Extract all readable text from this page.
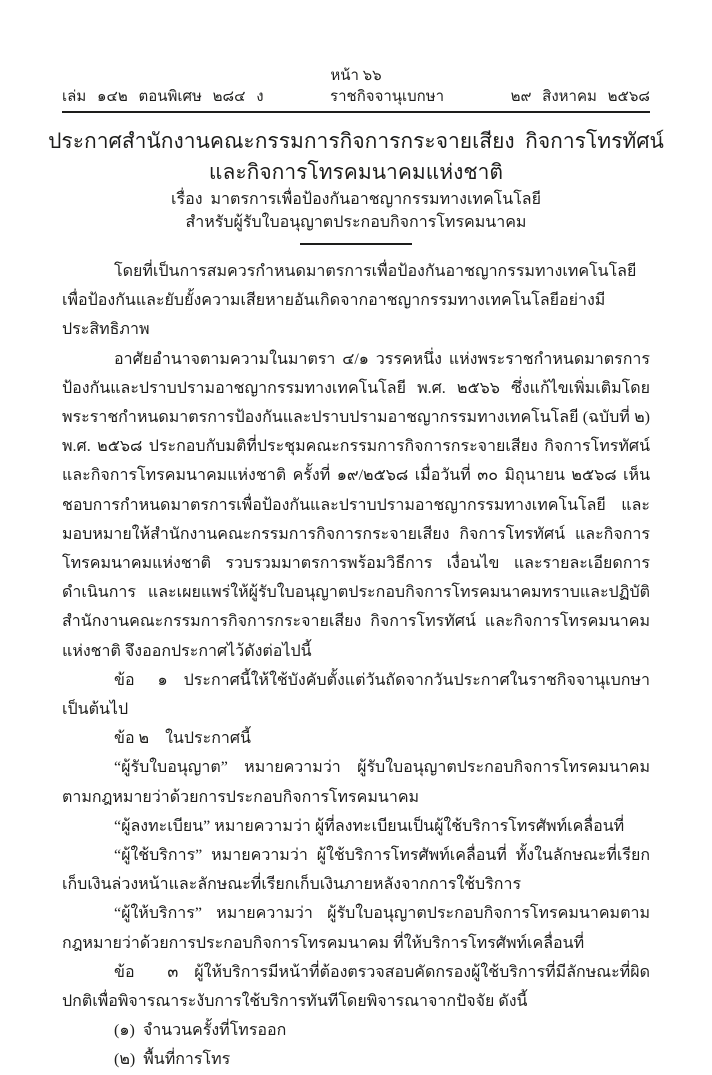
หน้า ๖๖
เล่ม ๑๔๒ ตอนพิเศษ ๒๘๔ ง	ราชกิจจานุเบกษา	๒๙ สิงหาคม ๒๕๖๘
ประกาศสำนักงานคณะกรรมการกิจการกระจายเสียง กิจการโทรทัศน์
และกิจการโทรคมนาคมแห่งชาติ
เรื่อง มาตรการเพื่อป้องกันอาชญากรรมทางเทคโนโลยี
สำหรับผู้รับใบอนุญาตประกอบกิจการโทรคมนาคม

โดยที่เป็นการสมควรกำหนดมาตรการเพื่อป้องกันอาชญากรรมทางเทคโนโลยีเพื่อป้องกันและยับยั้งความเสียหายอันเกิดจากอาชญากรรมทางเทคโนโลยีอย่างมีประสิทธิภาพ

อาศัยอำนาจตามความในมาตรา ๔/๑ วรรคหนึ่ง แห่งพระราชกำหนดมาตรการป้องกันและปราบปรามอาชญากรรมทางเทคโนโลยี พ.ศ. ๒๕๖๖ ซึ่งแก้ไขเพิ่มเติมโดยพระราชกำหนดมาตรการป้องกันและปราบปรามอาชญากรรมทางเทคโนโลยี (ฉบับที่ ๒) พ.ศ. ๒๕๖๘ ประกอบกับมติที่ประชุมคณะกรรมการกิจการกระจายเสียง กิจการโทรทัศน์ และกิจการโทรคมนาคมแห่งชาติ ครั้งที่ ๑๙/๒๕๖๘ เมื่อวันที่ ๓๐ มิถุนายน ๒๕๖๘ เห็นชอบการกำหนดมาตรการเพื่อป้องกันและปราบปรามอาชญากรรมทางเทคโนโลยี และมอบหมายให้สำนักงานคณะกรรมการกิจการกระจายเสียง กิจการโทรทัศน์ และกิจการโทรคมนาคมแห่งชาติ รวบรวมมาตรการพร้อมวิธีการ เงื่อนไข และรายละเอียดการดำเนินการ และเผยแพร่ให้ผู้รับใบอนุญาตประกอบกิจการโทรคมนาคมทราบและปฏิบัติ สำนักงานคณะกรรมการกิจการกระจายเสียง กิจการโทรทัศน์ และกิจการโทรคมนาคมแห่งชาติ จึงออกประกาศไว้ดังต่อไปนี้

ข้อ ๑ ประกาศนี้ให้ใช้บังคับตั้งแต่วันถัดจากวันประกาศในราชกิจจานุเบกษาเป็นต้นไป

ข้อ ๒ ในประกาศนี้

“ผู้รับใบอนุญาต” หมายความว่า ผู้รับใบอนุญาตประกอบกิจการโทรคมนาคมตามกฎหมายว่าด้วยการประกอบกิจการโทรคมนาคม

“ผู้ลงทะเบียน” หมายความว่า ผู้ที่ลงทะเบียนเป็นผู้ใช้บริการโทรศัพท์เคลื่อนที่

“ผู้ใช้บริการ” หมายความว่า ผู้ใช้บริการโทรศัพท์เคลื่อนที่ ทั้งในลักษณะที่เรียกเก็บเงินล่วงหน้าและลักษณะที่เรียกเก็บเงินภายหลังจากการใช้บริการ

“ผู้ให้บริการ” หมายความว่า ผู้รับใบอนุญาตประกอบกิจการโทรคมนาคมตามกฎหมายว่าด้วยการประกอบกิจการโทรคมนาคม ที่ให้บริการโทรศัพท์เคลื่อนที่

ข้อ ๓ ผู้ให้บริการมีหน้าที่ต้องตรวจสอบคัดกรองผู้ใช้บริการที่มีลักษณะที่ผิดปกติเพื่อพิจารณาระงับการใช้บริการทันทีโดยพิจารณาจากปัจจัย ดังนี้

(๑) จำนวนครั้งที่โทรออก

(๒) พื้นที่การโทร
